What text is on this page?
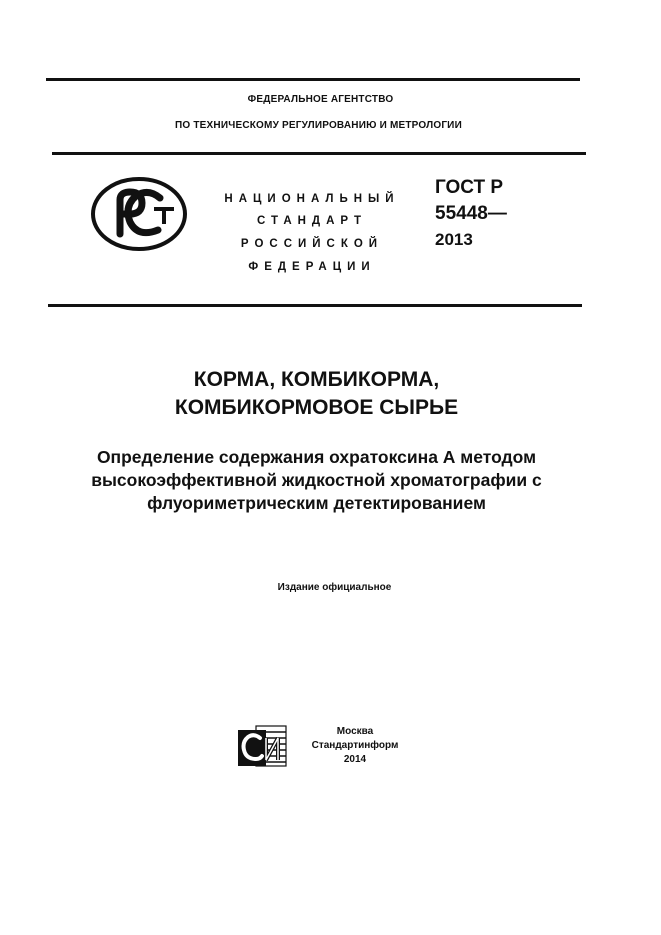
ФЕДЕРАЛЬНОЕ АГЕНТСТВО
ПО ТЕХНИЧЕСКОМУ РЕГУЛИРОВАНИЮ И МЕТРОЛОГИИ
НАЦИОНАЛЬНЫЙ
СТАНДАРТ
РОССИЙСКОЙ
ФЕДЕРАЦИИ
ГОСТ Р
55448—
2013
КОРМА, КОМБИКОРМА,
КОМБИКОРМОВОЕ СЫРЬЕ
Определение содержания охратоксина А методом
высокоэффективной жидкостной хроматографии с
флуориметрическим детектированием
Издание официальное
Москва
Стандартинформ
2014
